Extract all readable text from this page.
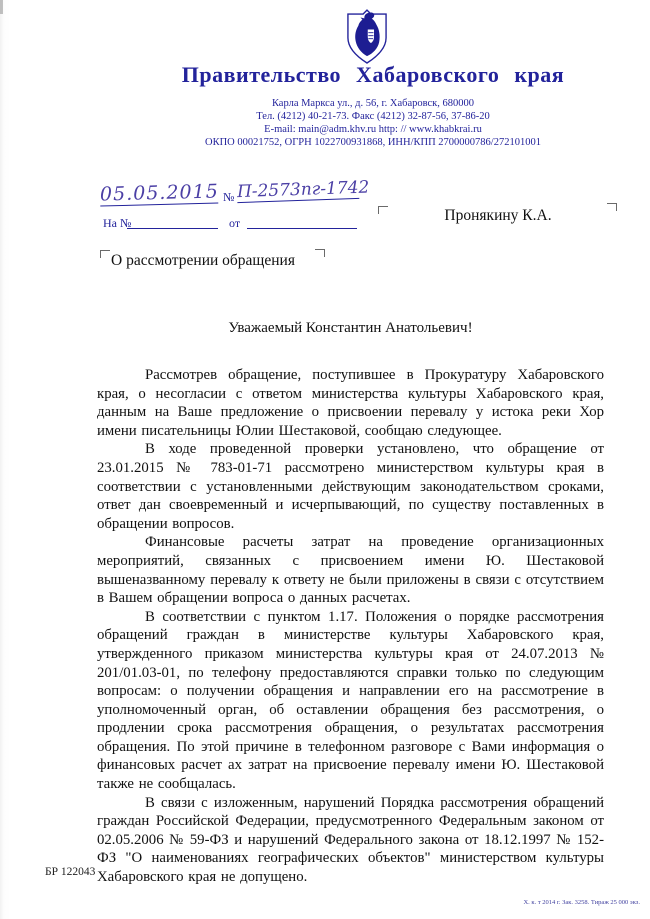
Правительство Хабаровского края
Карла Маркса ул., д. 56, г. Хабаровск, 680000
Тел. (4212) 40-21-73. Факс (4212) 32-87-56, 37-86-20
E-mail: main@adm.khv.ru http: // www.khabkrai.ru
ОКПО 00021752, ОГРН 1022700931868, ИНН/КПП 2700000786/272101001
05.05.2015 № П-2573пг-1742
На №	от	Пронякину К.А.
О рассмотрении обращения
Уважаемый Константин Анатольевич!

Рассмотрев обращение, поступившее в Прокуратуру Хабаровского края, о несогласии с ответом министерства культуры Хабаровского края, данным на Ваше предложение о присвоении перевалу у истока реки Хор имени писательницы Юлии Шестаковой, сообщаю следующее.

В ходе проведенной проверки установлено, что обращение от 23.01.2015 № 783-01-71 рассмотрено министерством культуры края в соответствии с установленными действующим законодательством сроками, ответ дан своевременный и исчерпывающий, по существу поставленных в обращении вопросов.

Финансовые расчеты затрат на проведение организационных мероприятий, связанных с присвоением имени Ю. Шестаковой вышеназванному перевалу к ответу не были приложены в связи с отсутствием в Вашем обращении вопроса о данных расчетах.

В соответствии с пунктом 1.17. Положения о порядке рассмотрения обращений граждан в министерстве культуры Хабаровского края, утвержденного приказом министерства культуры края от 24.07.2013 № 201/01.03-01, по телефону предоставляются справки только по следующим вопросам: о получении обращения и направлении его на рассмотрение в уполномоченный орган, об оставлении обращения без рассмотрения, о продлении срока рассмотрения обращения, о результатах рассмотрения обращения. По этой причине в телефонном разговоре с Вами информация о финансовых расчет ах затрат на присвоение перевалу имени Ю. Шестаковой также не сообщалась.

В связи с изложенным, нарушений Порядка рассмотрения обращений граждан Российской Федерации, предусмотренного Федеральным законом от 02.05.2006 № 59-ФЗ и нарушений Федерального закона от 18.12.1997 № 152-ФЗ "О наименованиях географических объектов" министерством культуры Хабаровского края не допущено.

БР 122043
Х. к. т 2014 г. Зак. 3258. Тираж 25 000 экз.
